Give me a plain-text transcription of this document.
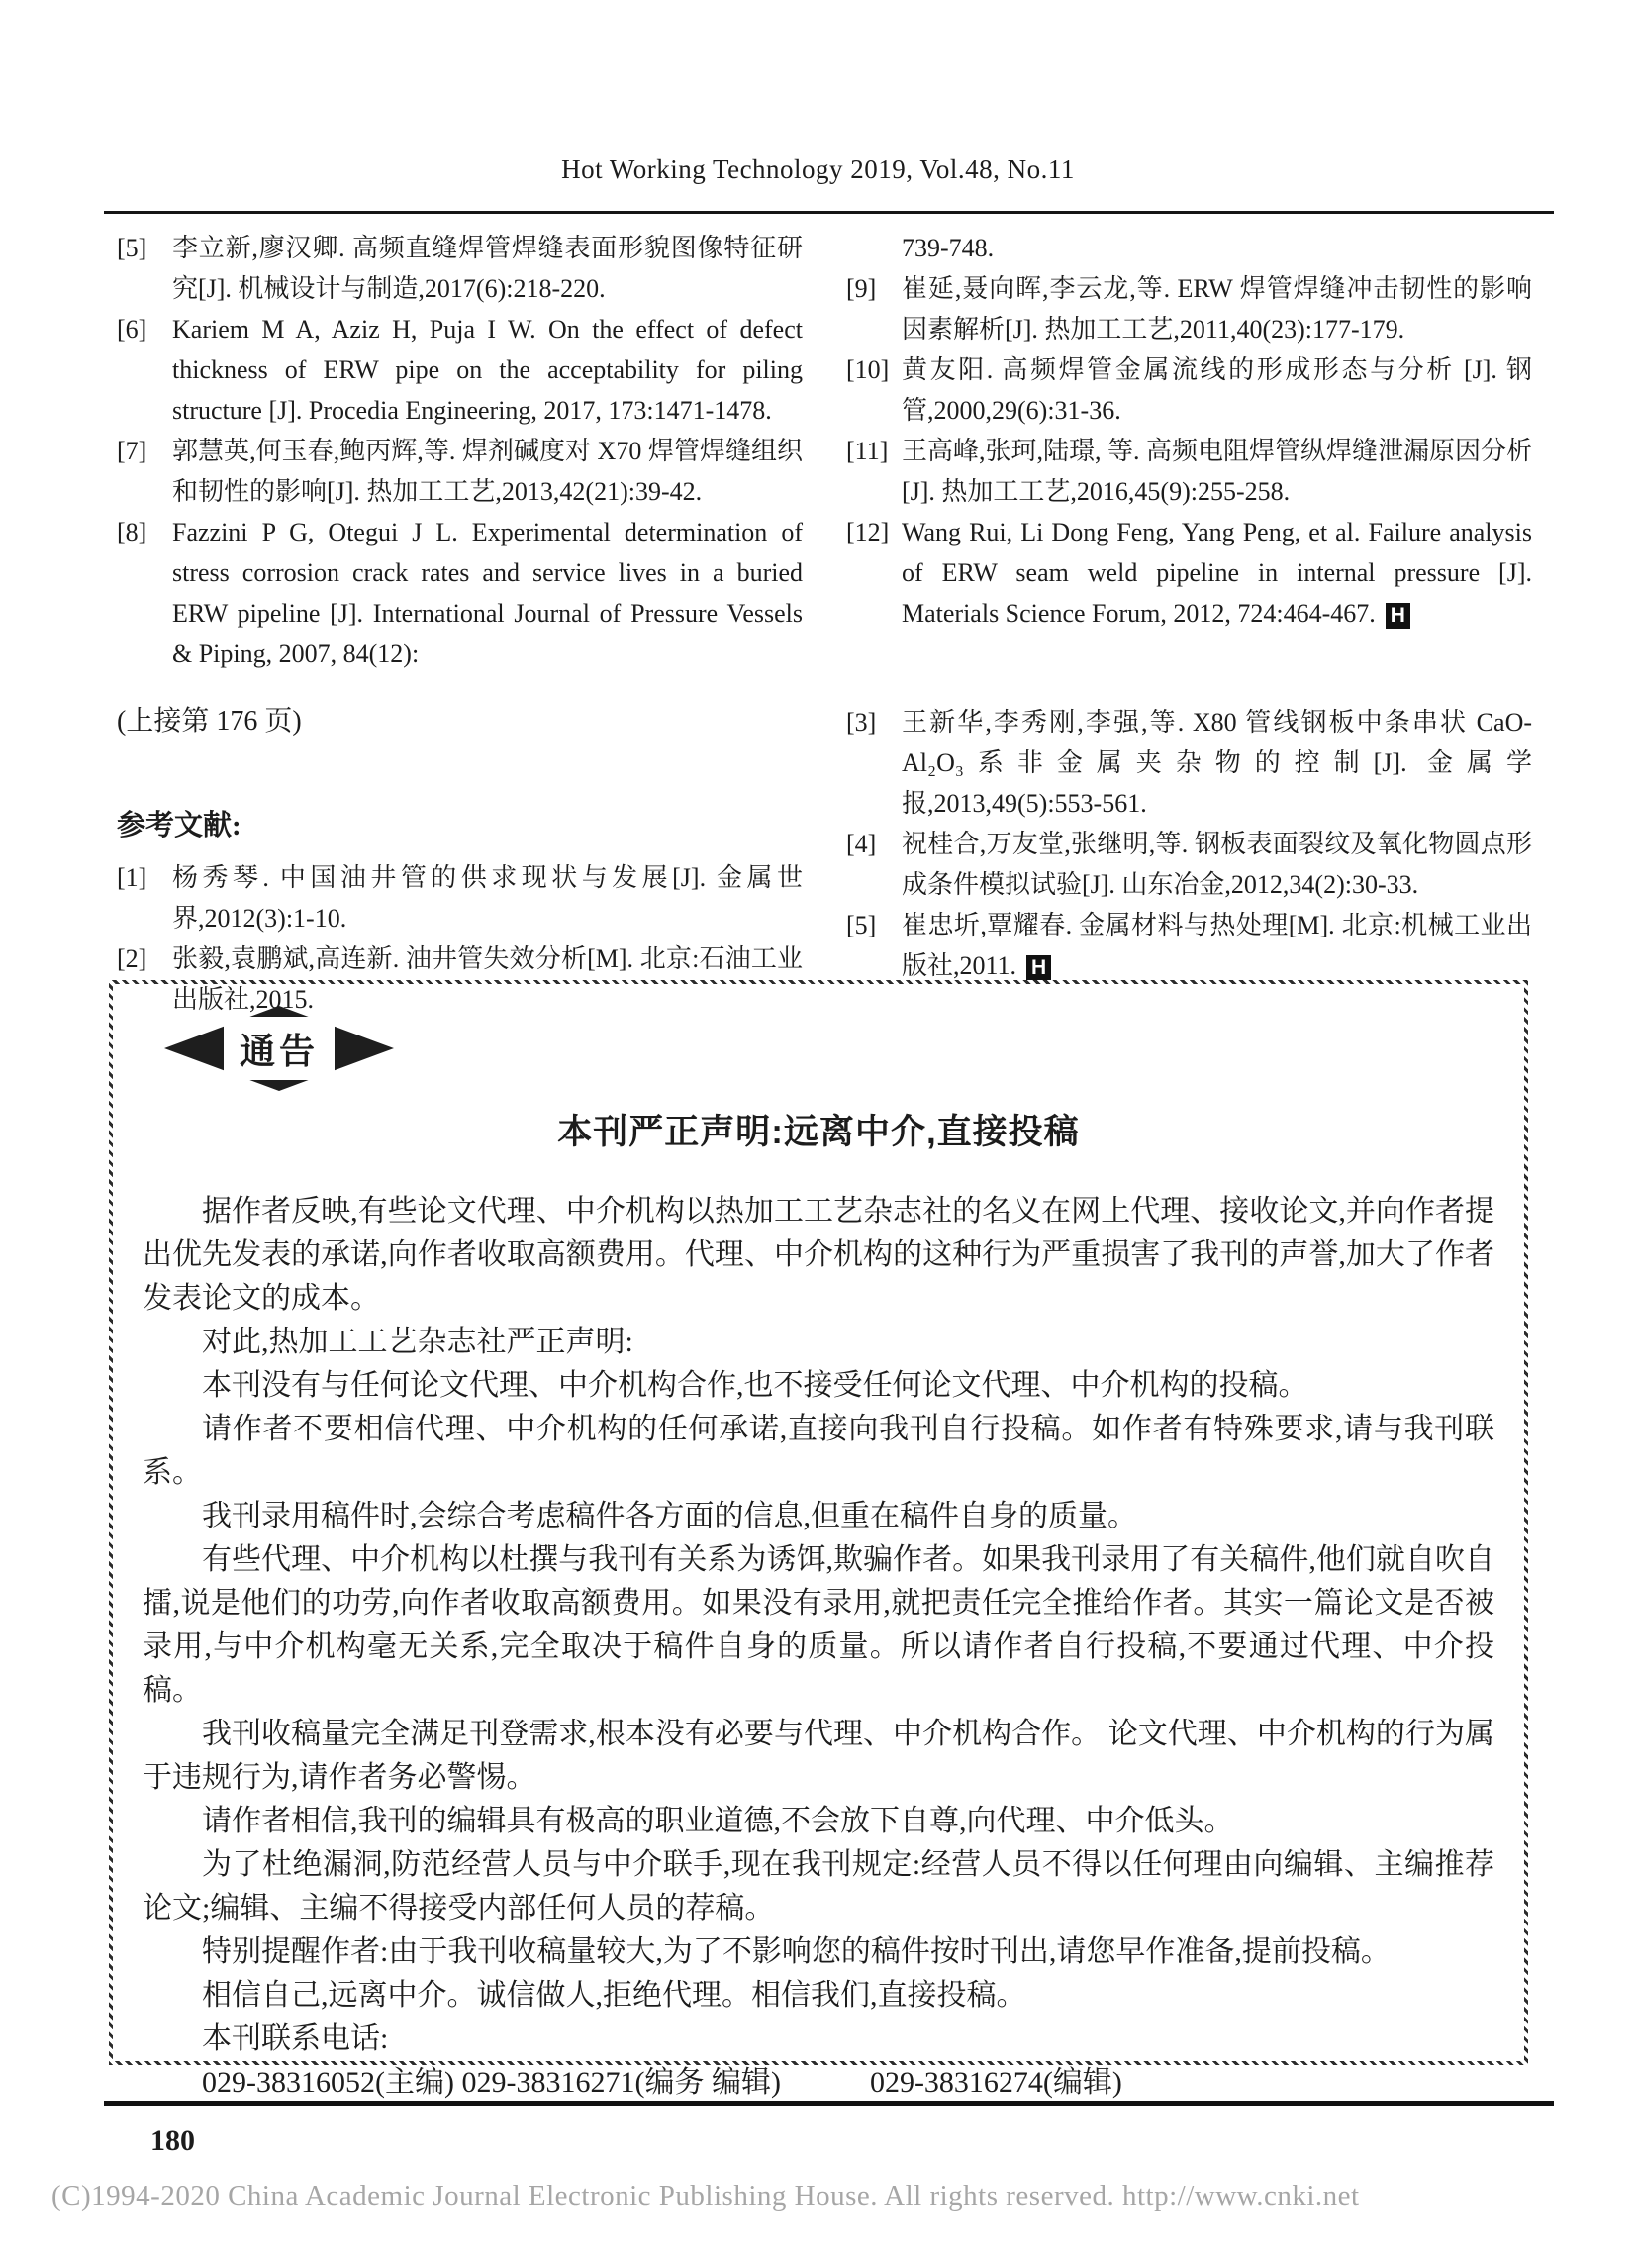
Hot Working Technology 2019, Vol.48, No.11
[5] 李立新,廖汉卿. 高频直缝焊管焊缝表面形貌图像特征研究[J]. 机械设计与制造,2017(6):218-220.
[6] Kariem M A, Aziz H, Puja I W. On the effect of defect thickness of ERW pipe on the acceptability for piling structure [J]. Procedia Engineering, 2017, 173:1471-1478.
[7] 郭慧英,何玉春,鲍丙辉,等. 焊剂碱度对 X70 焊管焊缝组织和韧性的影响[J]. 热加工工艺,2013,42(21):39-42.
[8] Fazzini P G, Otegui J L. Experimental determination of stress corrosion crack rates and service lives in a buried ERW pipeline [J]. International Journal of Pressure Vessels & Piping, 2007, 84(12):
739-748.
[9] 崔延,聂向晖,李云龙,等. ERW 焊管焊缝冲击韧性的影响因素解析[J]. 热加工工艺,2011,40(23):177-179.
[10] 黄友阳. 高频焊管金属流线的形成形态与分析 [J]. 钢管,2000,29(6):31-36.
[11] 王高峰,张珂,陆璟, 等. 高频电阻焊管纵焊缝泄漏原因分析[J]. 热加工工艺,2016,45(9):255-258.
[12] Wang Rui, Li Dong Feng, Yang Peng, et al. Failure analysis of ERW seam weld pipeline in internal pressure [J]. Materials Science Forum, 2012, 724:464-467. H
(上接第 176 页)
参考文献:
[1] 杨秀琴. 中国油井管的供求现状与发展[J]. 金属世界,2012(3):1-10.
[2] 张毅,袁鹏斌,高连新. 油井管失效分析[M]. 北京:石油工业出版社,2015.
[3] 王新华,李秀刚,李强,等. X80 管线钢板中条串状 CaO-Al₂O₃系非金属夹杂物的控制[J]. 金属学报,2013,49(5):553-561.
[4] 祝桂合,万友堂,张继明,等. 钢板表面裂纹及氧化物圆点形成条件模拟试验[J]. 山东冶金,2012,34(2):30-33.
[5] 崔忠圻,覃耀春. 金属材料与热处理[M]. 北京:机械工业出版社,2011. H
通告
本刊严正声明:远离中介,直接投稿

据作者反映,有些论文代理、中介机构以热加工工艺杂志社的名义在网上代理、接收论文,并向作者提出优先发表的承诺,向作者收取高额费用。代理、中介机构的这种行为严重损害了我刊的声誉,加大了作者发表论文的成本。

对此,热加工工艺杂志社严正声明:

本刊没有与任何论文代理、中介机构合作,也不接受任何论文代理、中介机构的投稿。

请作者不要相信代理、中介机构的任何承诺,直接向我刊自行投稿。如作者有特殊要求,请与我刊联系。

我刊录用稿件时,会综合考虑稿件各方面的信息,但重在稿件自身的质量。

有些代理、中介机构以杜撰与我刊有关系为诱饵,欺骗作者。如果我刊录用了有关稿件,他们就自吹自擂,说是他们的功劳,向作者收取高额费用。如果没有录用,就把责任完全推给作者。其实一篇论文是否被录用,与中介机构毫无关系,完全取决于稿件自身的质量。所以请作者自行投稿,不要通过代理、中介投稿。

我刊收稿量完全满足刊登需求,根本没有必要与代理、中介机构合作。 论文代理、中介机构的行为属于违规行为,请作者务必警惕。

请作者相信,我刊的编辑具有极高的职业道德,不会放下自尊,向代理、中介低头。

为了杜绝漏洞,防范经营人员与中介联手,现在我刊规定:经营人员不得以任何理由向编辑、主编推荐论文;编辑、主编不得接受内部任何人员的荐稿。

特别提醒作者:由于我刊收稿量较大,为了不影响您的稿件按时刊出,请您早作准备,提前投稿。

相信自己,远离中介。诚信做人,拒绝代理。相信我们,直接投稿。

本刊联系电话:

029-38316052(主编) 029-38316271(编务 编辑)　　　029-38316274(编辑)

180
(C)1994-2020 China Academic Journal Electronic Publishing House. All rights reserved. http://www.cnki.net
